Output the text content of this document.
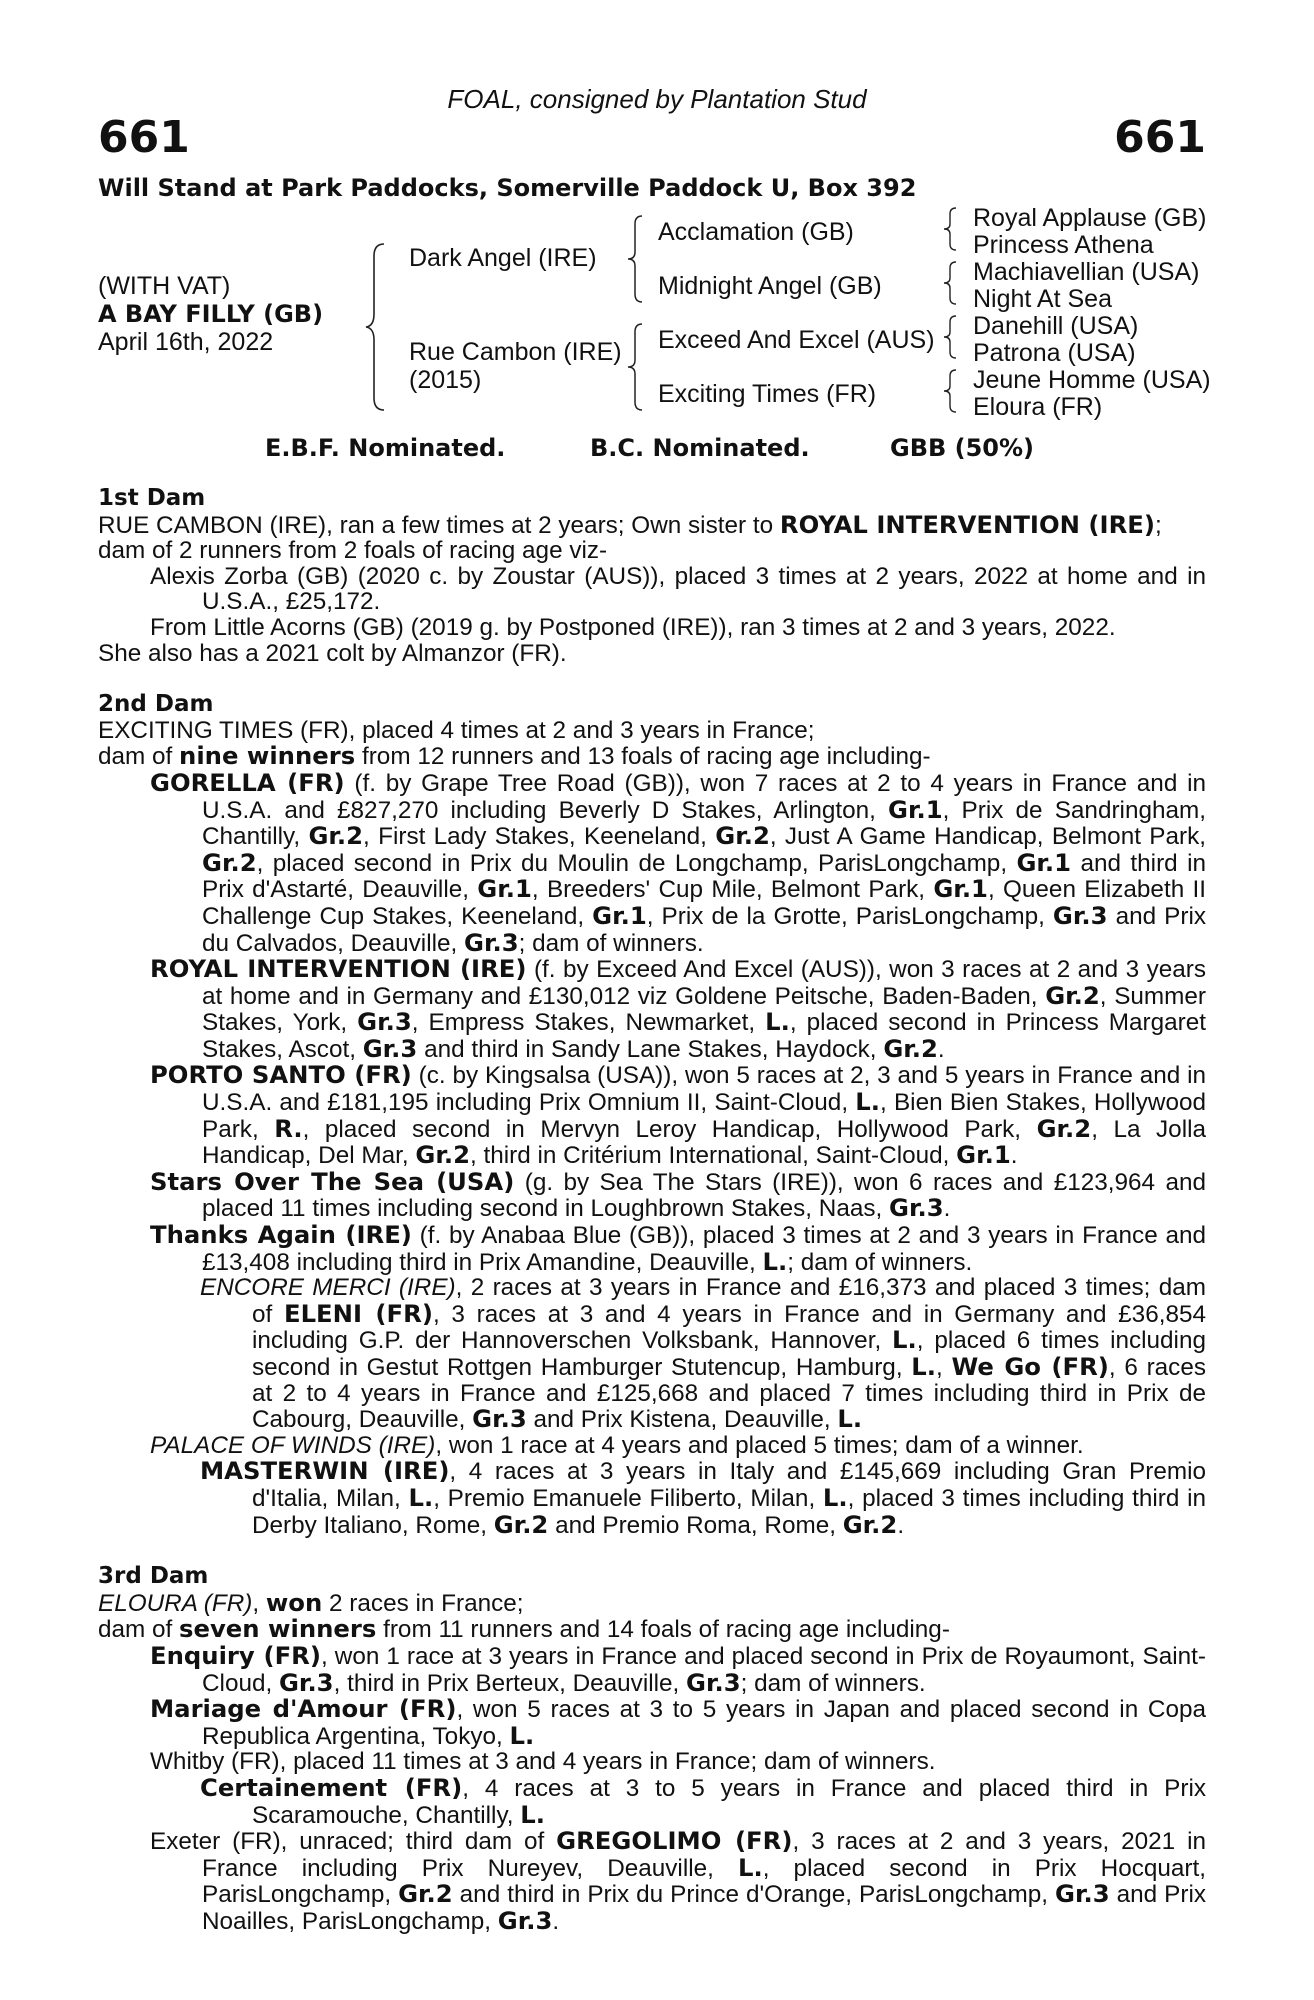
FOAL, consigned by Plantation Stud
661	661
Will Stand at Park Paddocks, Somerville Paddock U, Box 392
(WITH VAT)
A BAY FILLY (GB)
April 16th, 2022
Dark Angel (IRE)
Rue Cambon (IRE)
(2015)
Acclamation (GB)
Midnight Angel (GB)
Exceed And Excel (AUS)
Exciting Times (FR)
Royal Applause (GB)
Princess Athena
Machiavellian (USA)
Night At Sea
Danehill (USA)
Patrona (USA)
Jeune Homme (USA)
Eloura (FR)
E.B.F. Nominated.	B.C. Nominated.	GBB (50%)

1st Dam

RUE CAMBON (IRE), ran a few times at 2 years; Own sister to ROYAL INTERVENTION (IRE);

dam of 2 runners from 2 foals of racing age viz-

Alexis Zorba (GB) (2020 c. by Zoustar (AUS)), placed 3 times at 2 years, 2022 at home and in U.S.A., £25,172.

From Little Acorns (GB) (2019 g. by Postponed (IRE)), ran 3 times at 2 and 3 years, 2022.

She also has a 2021 colt by Almanzor (FR).

2nd Dam

EXCITING TIMES (FR), placed 4 times at 2 and 3 years in France;

dam of nine winners from 12 runners and 13 foals of racing age including-

GORELLA (FR) (f. by Grape Tree Road (GB)), won 7 races at 2 to 4 years in France and in U.S.A. and £827,270 including Beverly D Stakes, Arlington, Gr.1, Prix de Sandringham, Chantilly, Gr.2, First Lady Stakes, Keeneland, Gr.2, Just A Game Handicap, Belmont Park, Gr.2, placed second in Prix du Moulin de Longchamp, ParisLongchamp, Gr.1 and third in Prix d'Astarté, Deauville, Gr.1, Breeders' Cup Mile, Belmont Park, Gr.1, Queen Elizabeth II Challenge Cup Stakes, Keeneland, Gr.1, Prix de la Grotte, ParisLongchamp, Gr.3 and Prix du Calvados, Deauville, Gr.3; dam of winners.

ROYAL INTERVENTION (IRE) (f. by Exceed And Excel (AUS)), won 3 races at 2 and 3 years at home and in Germany and £130,012 viz Goldene Peitsche, Baden-Baden, Gr.2, Summer Stakes, York, Gr.3, Empress Stakes, Newmarket, L., placed second in Princess Margaret Stakes, Ascot, Gr.3 and third in Sandy Lane Stakes, Haydock, Gr.2.

PORTO SANTO (FR) (c. by Kingsalsa (USA)), won 5 races at 2, 3 and 5 years in France and in U.S.A. and £181,195 including Prix Omnium II, Saint-Cloud, L., Bien Bien Stakes, Hollywood Park, R., placed second in Mervyn Leroy Handicap, Hollywood Park, Gr.2, La Jolla Handicap, Del Mar, Gr.2, third in Critérium International, Saint-Cloud, Gr.1.

Stars Over The Sea (USA) (g. by Sea The Stars (IRE)), won 6 races and £123,964 and placed 11 times including second in Loughbrown Stakes, Naas, Gr.3.

Thanks Again (IRE) (f. by Anabaa Blue (GB)), placed 3 times at 2 and 3 years in France and £13,408 including third in Prix Amandine, Deauville, L.; dam of winners.

ENCORE MERCI (IRE), 2 races at 3 years in France and £16,373 and placed 3 times; dam of ELENI (FR), 3 races at 3 and 4 years in France and in Germany and £36,854 including G.P. der Hannoverschen Volksbank, Hannover, L., placed 6 times including second in Gestut Rottgen Hamburger Stutencup, Hamburg, L., We Go (FR), 6 races at 2 to 4 years in France and £125,668 and placed 7 times including third in Prix de Cabourg, Deauville, Gr.3 and Prix Kistena, Deauville, L.

PALACE OF WINDS (IRE), won 1 race at 4 years and placed 5 times; dam of a winner.

MASTERWIN (IRE), 4 races at 3 years in Italy and £145,669 including Gran Premio d'Italia, Milan, L., Premio Emanuele Filiberto, Milan, L., placed 3 times including third in Derby Italiano, Rome, Gr.2 and Premio Roma, Rome, Gr.2.

3rd Dam

ELOURA (FR), won 2 races in France;

dam of seven winners from 11 runners and 14 foals of racing age including-

Enquiry (FR), won 1 race at 3 years in France and placed second in Prix de Royaumont, Saint-Cloud, Gr.3, third in Prix Berteux, Deauville, Gr.3; dam of winners.

Mariage d'Amour (FR), won 5 races at 3 to 5 years in Japan and placed second in Copa Republica Argentina, Tokyo, L.

Whitby (FR), placed 11 times at 3 and 4 years in France; dam of winners.

Certainement (FR), 4 races at 3 to 5 years in France and placed third in Prix Scaramouche, Chantilly, L.

Exeter (FR), unraced; third dam of GREGOLIMO (FR), 3 races at 2 and 3 years, 2021 in France including Prix Nureyev, Deauville, L., placed second in Prix Hocquart, ParisLongchamp, Gr.2 and third in Prix du Prince d'Orange, ParisLongchamp, Gr.3 and Prix Noailles, ParisLongchamp, Gr.3.
